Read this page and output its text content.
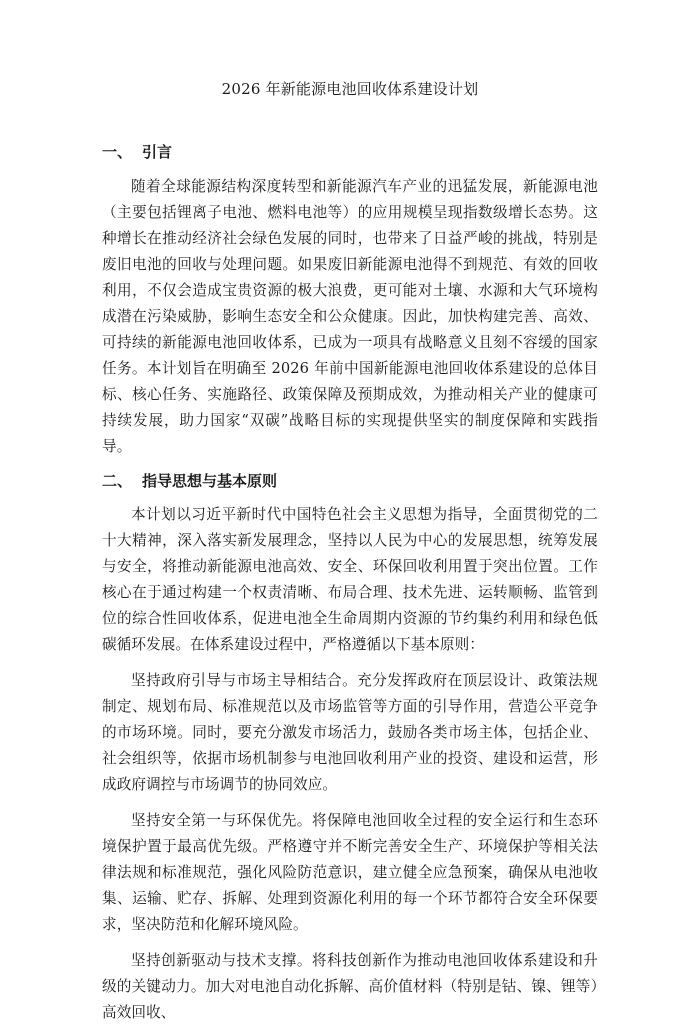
2026 年新能源电池回收体系建设计划
一、 引言

随着全球能源结构深度转型和新能源汽车产业的迅猛发展，新能源电池（主要包括锂离子电池、燃料电池等）的应用规模呈现指数级增长态势。这种增长在推动经济社会绿色发展的同时，也带来了日益严峻的挑战，特别是废旧电池的回收与处理问题。如果废旧新能源电池得不到规范、有效的回收利用，不仅会造成宝贵资源的极大浪费，更可能对土壤、水源和大气环境构成潜在污染威胁，影响生态安全和公众健康。因此，加快构建完善、高效、可持续的新能源电池回收体系，已成为一项具有战略意义且刻不容缓的国家任务。本计划旨在明确至 2026 年前中国新能源电池回收体系建设的总体目标、核心任务、实施路径、政策保障及预期成效，为推动相关产业的健康可持续发展，助力国家“双碳”战略目标的实现提供坚实的制度保障和实践指导。

二、 指导思想与基本原则

本计划以习近平新时代中国特色社会主义思想为指导，全面贯彻党的二十大精神，深入落实新发展理念，坚持以人民为中心的发展思想，统筹发展与安全，将推动新能源电池高效、安全、环保回收利用置于突出位置。工作核心在于通过构建一个权责清晰、布局合理、技术先进、运转顺畅、监管到位的综合性回收体系，促进电池全生命周期内资源的节约集约利用和绿色低碳循环发展。在体系建设过程中，严格遵循以下基本原则：

坚持政府引导与市场主导相结合。充分发挥政府在顶层设计、政策法规制定、规划布局、标准规范以及市场监管等方面的引导作用，营造公平竞争的市场环境。同时，要充分激发市场活力，鼓励各类市场主体，包括企业、社会组织等，依据市场机制参与电池回收利用产业的投资、建设和运营，形成政府调控与市场调节的协同效应。

坚持安全第一与环保优先。将保障电池回收全过程的安全运行和生态环境保护置于最高优先级。严格遵守并不断完善安全生产、环境保护等相关法律法规和标准规范，强化风险防范意识，建立健全应急预案，确保从电池收集、运输、贮存、拆解、处理到资源化利用的每一个环节都符合安全环保要求，坚决防范和化解环境风险。

坚持创新驱动与技术支撑。将科技创新作为推动电池回收体系建设和升级的关键动力。加大对电池自动化拆解、高价值材料（特别是钴、镍、锂等）高效回收、
